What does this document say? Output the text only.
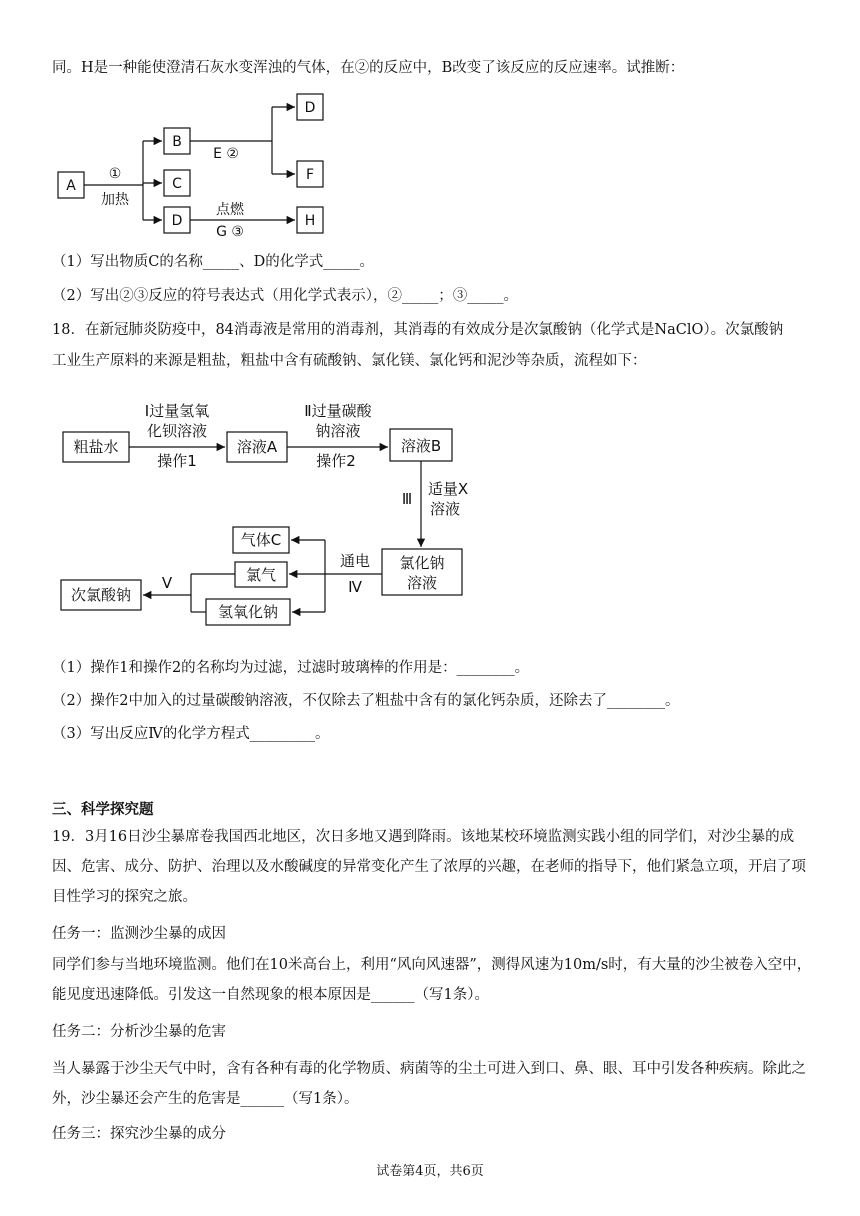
同。H是一种能使澄清石灰水变浑浊的气体，在②的反应中，B改变了该反应的反应速率。试推断：
A
B
C
D
D
F
H
①
加热
E ②
点燃
G ③
（1）写出物质C的名称_____、D的化学式_____。
（2）写出②③反应的符号表达式（用化学式表示），②_____；③_____。
18．在新冠肺炎防疫中，84消毒液是常用的消毒剂，其消毒的有效成分是次氯酸钠（化学式是NaClO）。次氯酸钠
工业生产原料的来源是粗盐，粗盐中含有硫酸钠、氯化镁、氯化钙和泥沙等杂质，流程如下：
粗盐水	溶液A	溶液B
氯化钠
溶液
气体C
氯气
氢氧化钠
次氯酸钠
Ⅰ过量氢氧
化钡溶液
操作1
Ⅱ过量碳酸
钠溶液
操作2
Ⅲ
适量X
溶液
通电
Ⅳ
Ⅴ
（1）操作1和操作2的名称均为过滤，过滤时玻璃棒的作用是：________。
（2）操作2中加入的过量碳酸钠溶液，不仅除去了粗盐中含有的氯化钙杂质，还除去了________。
（3）写出反应Ⅳ的化学方程式_________。
三、科学探究题
19．3月16日沙尘暴席卷我国西北地区，次日多地又遇到降雨。该地某校环境监测实践小组的同学们，对沙尘暴的成因、危害、成分、防护、治理以及水酸碱度的异常变化产生了浓厚的兴趣，在老师的指导下，他们紧急立项，开启了项目性学习的探究之旅。
任务一：监测沙尘暴的成因
同学们参与当地环境监测。他们在10米高台上，利用“风向风速器”，测得风速为10m/s时，有大量的沙尘被卷入空中，能见度迅速降低。引发这一自然现象的根本原因是______（写1条）。
任务二：分析沙尘暴的危害
当人暴露于沙尘天气中时，含有各种有毒的化学物质、病菌等的尘土可进入到口、鼻、眼、耳中引发各种疾病。除此之外，沙尘暴还会产生的危害是______（写1条）。
任务三：探究沙尘暴的成分
试卷第4页，共6页
